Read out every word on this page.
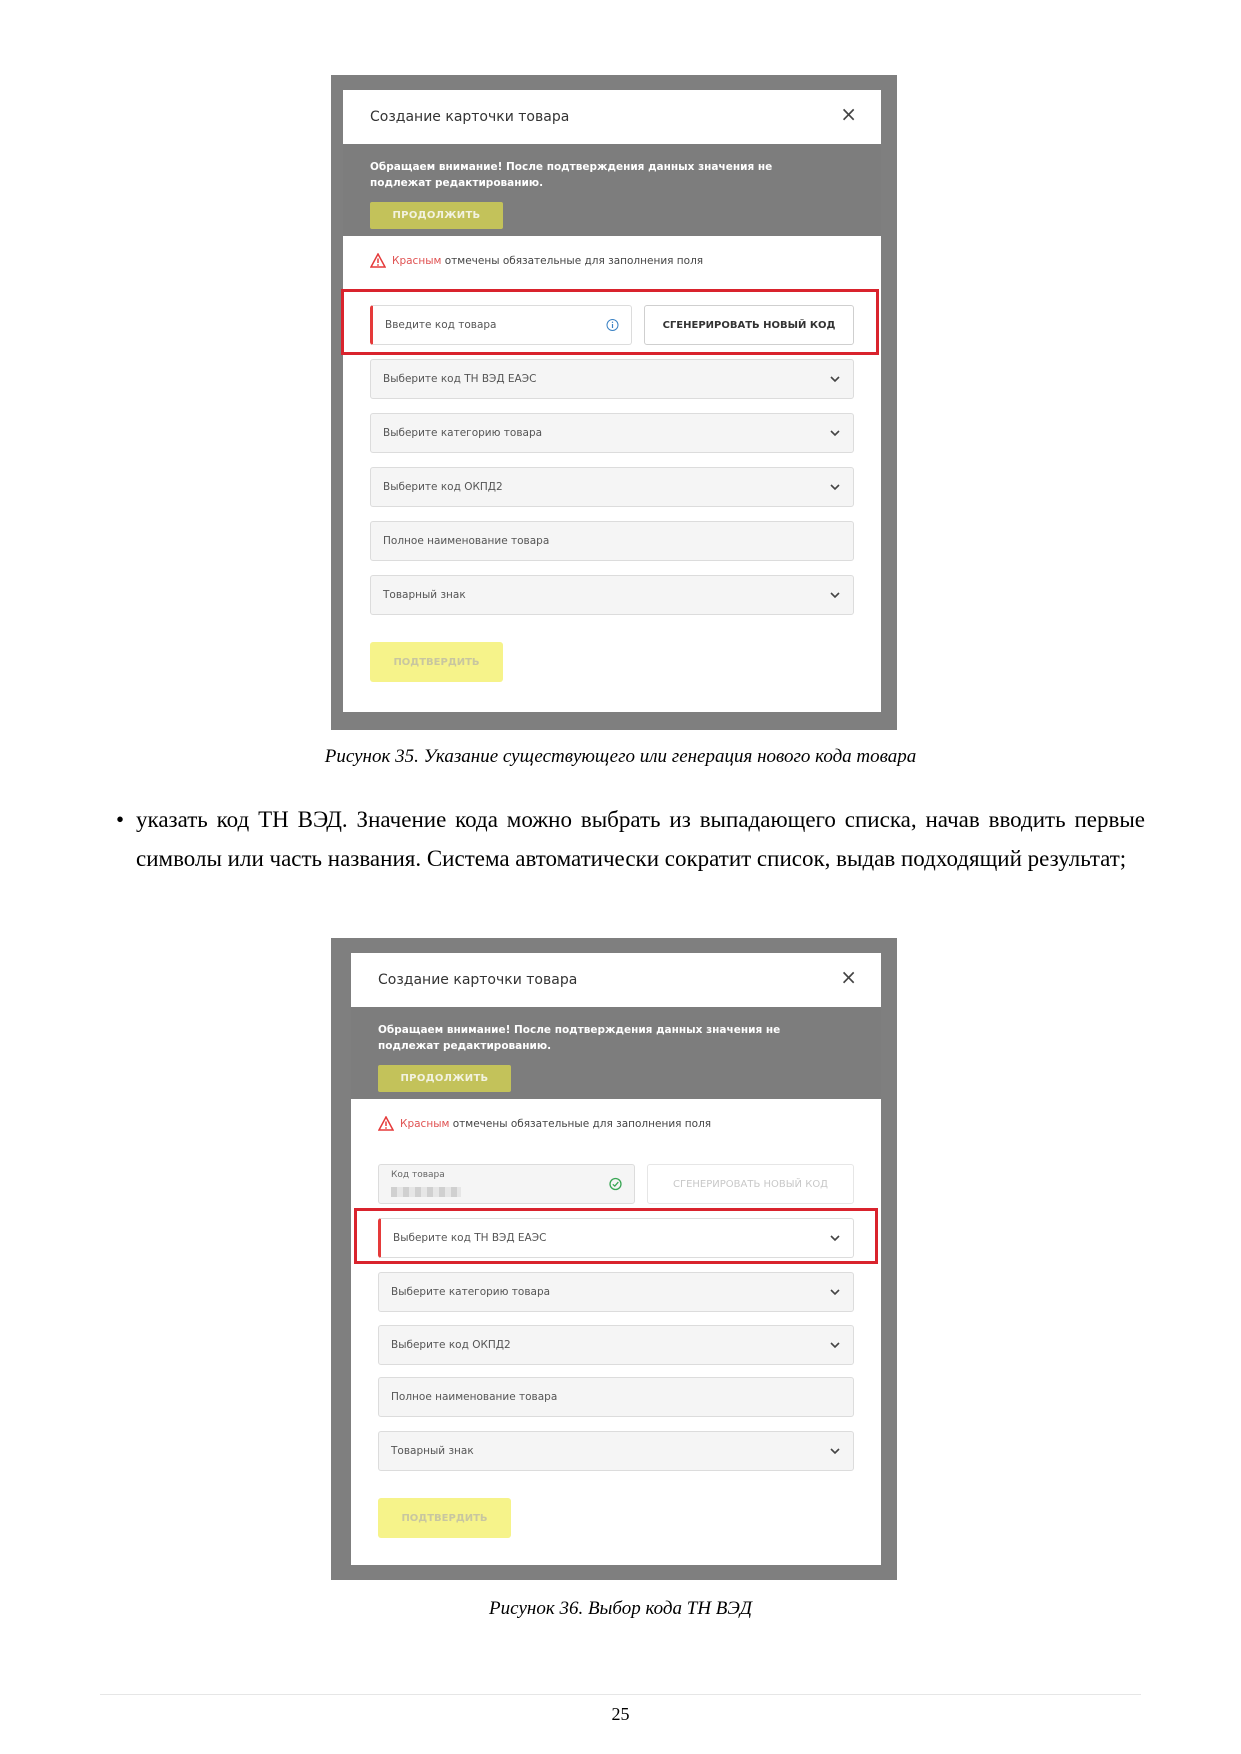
Создание карточки товара	×
Обращаем внимание! После подтверждения данных значения не подлежат редактированию.
ПРОДОЛЖИТЬ
Красным отмечены обязательные для заполнения поля
Введите код товара	СГЕНЕРИРОВАТЬ НОВЫЙ КОД
Выберите код ТН ВЭД ЕАЭС
Выберите категорию товара
Выберите код ОКПД2
Полное наименование товара
Товарный знак
ПОДТВЕРДИТЬ
Рисунок 35. Указание существующего или генерация нового кода товара
• указать код ТН ВЭД. Значение кода можно выбрать из выпадающего списка, начав вводить первые символы или часть названия. Система автоматически сократит список, выдав подходящий результат;
Создание карточки товара	×
Обращаем внимание! После подтверждения данных значения не подлежат редактированию.
ПРОДОЛЖИТЬ
Красным отмечены обязательные для заполнения поля
Код товара
СГЕНЕРИРОВАТЬ НОВЫЙ КОД
Выберите код ТН ВЭД ЕАЭС
Выберите категорию товара
Выберите код ОКПД2
Полное наименование товара
Товарный знак
ПОДТВЕРДИТЬ
Рисунок 36. Выбор кода ТН ВЭД
25
